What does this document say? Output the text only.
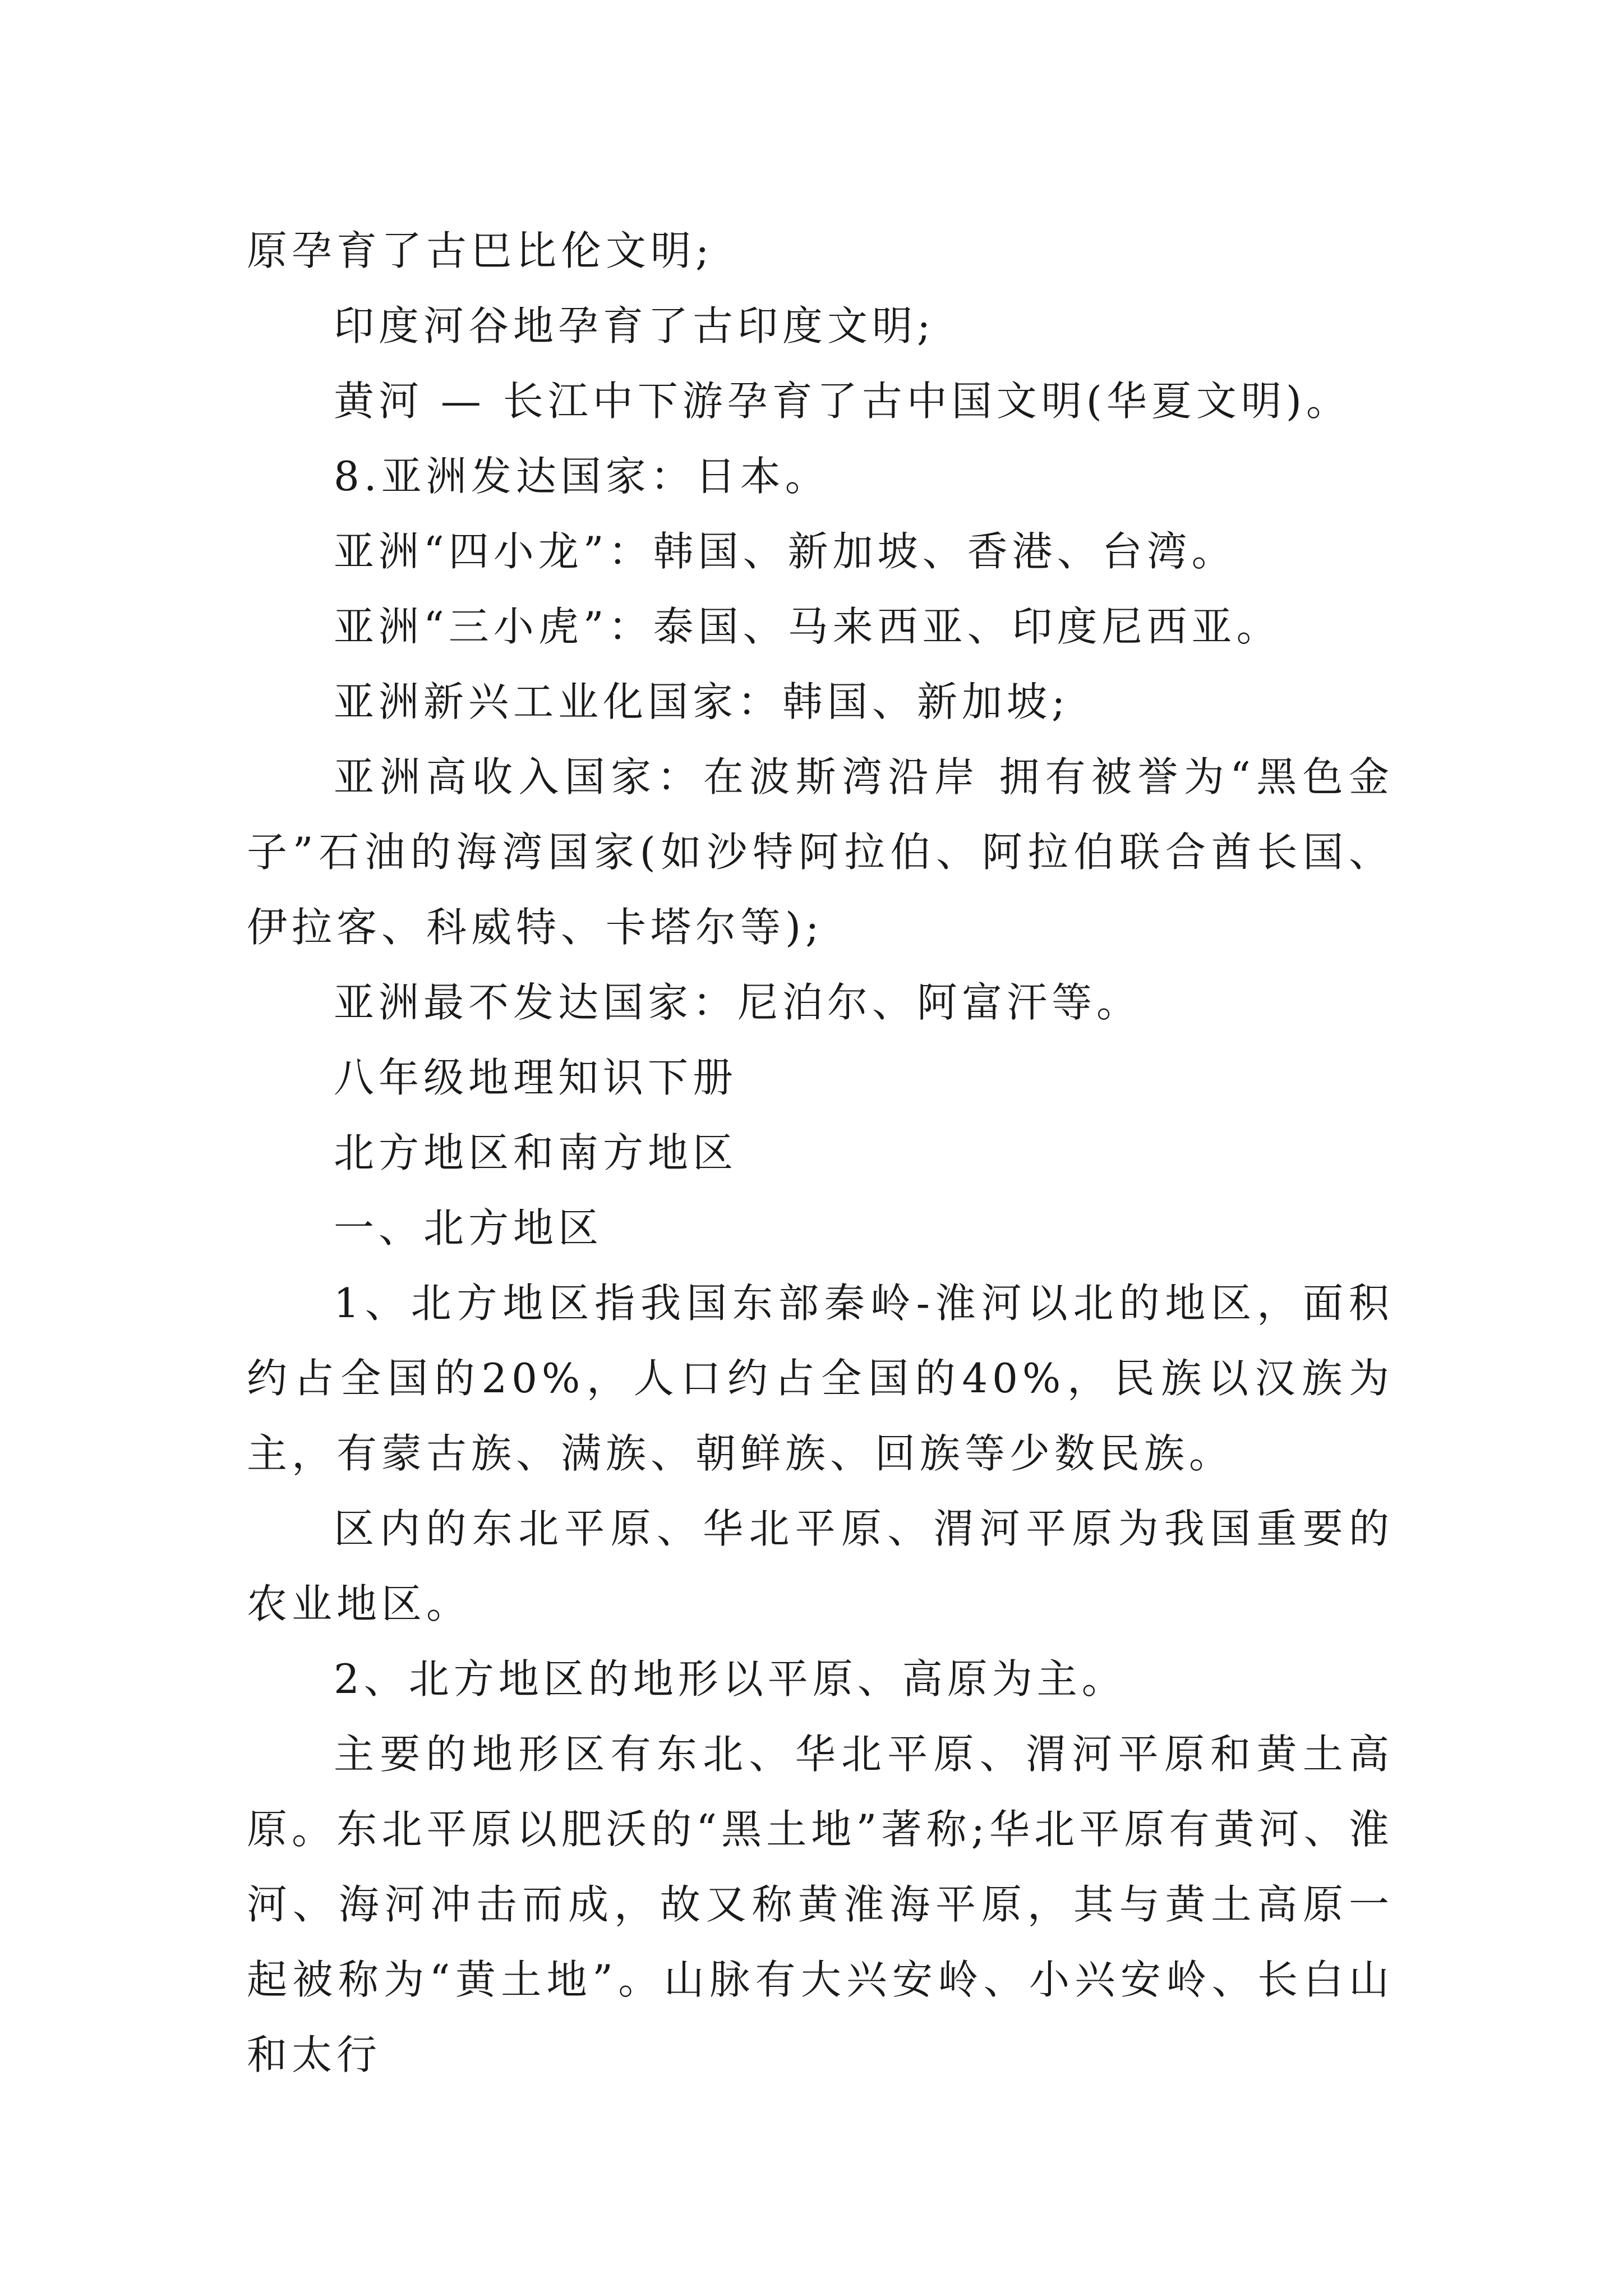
原孕育了古巴比伦文明;

印度河谷地孕育了古印度文明;

黄河 — 长江中下游孕育了古中国文明(华夏文明)。

8.亚洲发达国家：日本。

亚洲“四小龙”：韩国、新加坡、香港、台湾。

亚洲“三小虎”：泰国、马来西亚、印度尼西亚。

亚洲新兴工业化国家：韩国、新加坡;

亚洲高收入国家：在波斯湾沿岸 拥有被誉为“黑色金子”石油的海湾国家(如沙特阿拉伯、阿拉伯联合酋长国、伊拉客、科威特、卡塔尔等);

亚洲最不发达国家：尼泊尔、阿富汗等。

八年级地理知识下册

北方地区和南方地区

一、北方地区

1、北方地区指我国东部秦岭-淮河以北的地区，面积约占全国的20%，人口约占全国的40%，民族以汉族为主，有蒙古族、满族、朝鲜族、回族等少数民族。

区内的东北平原、华北平原、渭河平原为我国重要的农业地区。

2、北方地区的地形以平原、高原为主。

主要的地形区有东北、华北平原、渭河平原和黄土高原。东北平原以肥沃的“黑土地”著称;华北平原有黄河、淮河、海河冲击而成，故又称黄淮海平原，其与黄土高原一起被称为“黄土地”。山脉有大兴安岭、小兴安岭、长白山和太行
